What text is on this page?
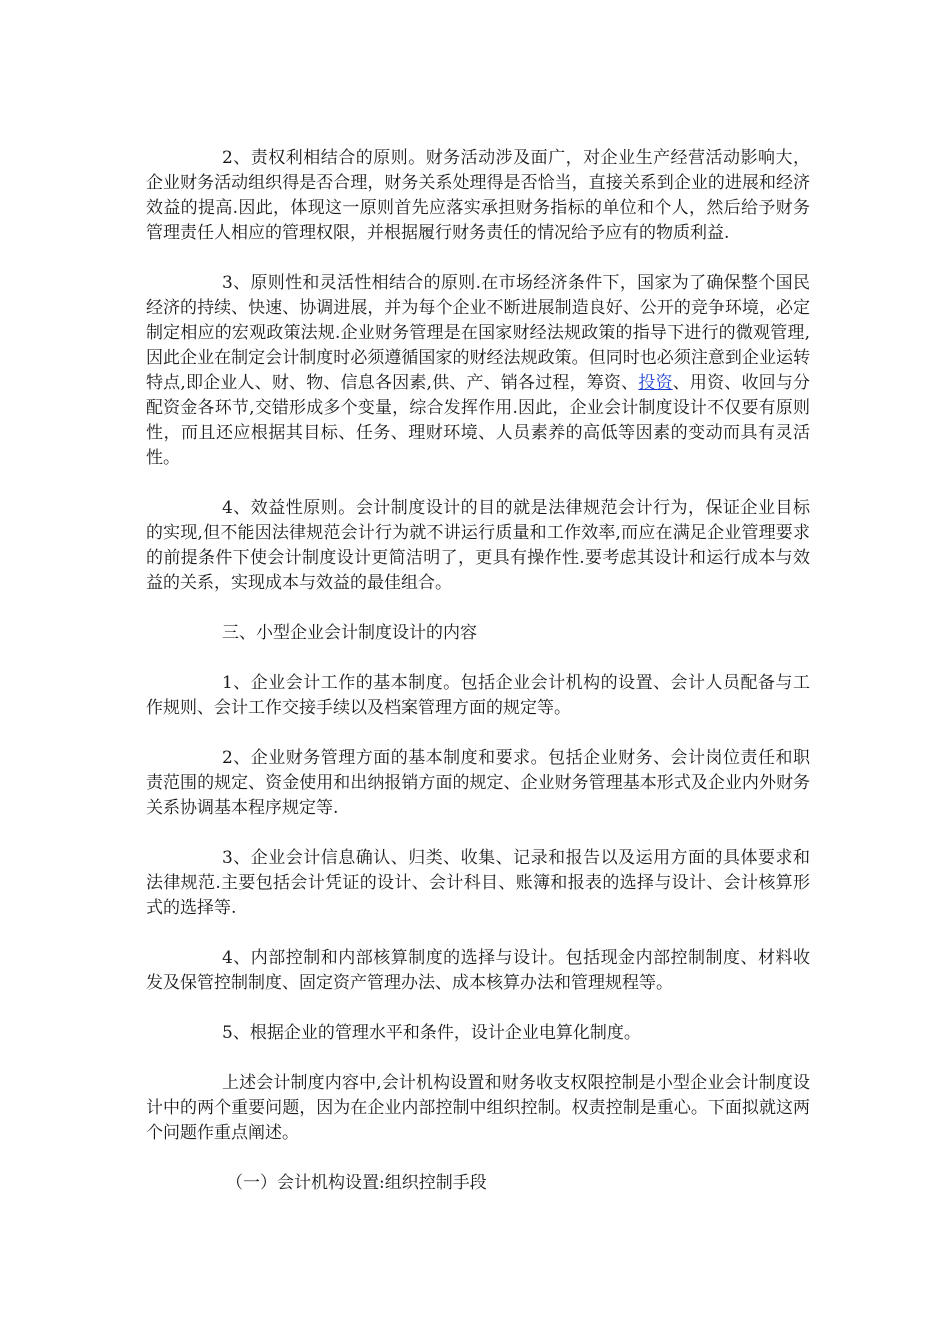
2、责权利相结合的原则。财务活动涉及面广，对企业生产经营活动影响大，企业财务活动组织得是否合理，财务关系处理得是否恰当，直接关系到企业的进展和经济效益的提高.因此，体现这一原则首先应落实承担财务指标的单位和个人，然后给予财务管理责任人相应的管理权限，并根据履行财务责任的情况给予应有的物质利益.

3、原则性和灵活性相结合的原则.在市场经济条件下，国家为了确保整个国民经济的持续、快速、协调进展，并为每个企业不断进展制造良好、公开的竞争环境，必定制定相应的宏观政策法规.企业财务管理是在国家财经法规政策的指导下进行的微观管理,因此企业在制定会计制度时必须遵循国家的财经法规政策。但同时也必须注意到企业运转特点,即企业人、财、物、信息各因素,供、产、销各过程，筹资、投资、用资、收回与分配资金各环节,交错形成多个变量，综合发挥作用.因此，企业会计制度设计不仅要有原则性，而且还应根据其目标、任务、理财环境、人员素养的高低等因素的变动而具有灵活性。

4、效益性原则。会计制度设计的目的就是法律规范会计行为，保证企业目标的实现,但不能因法律规范会计行为就不讲运行质量和工作效率,而应在满足企业管理要求的前提条件下使会计制度设计更简洁明了，更具有操作性.要考虑其设计和运行成本与效益的关系，实现成本与效益的最佳组合。

三、小型企业会计制度设计的内容

1、企业会计工作的基本制度。包括企业会计机构的设置、会计人员配备与工作规则、会计工作交接手续以及档案管理方面的规定等。

2、企业财务管理方面的基本制度和要求。包括企业财务、会计岗位责任和职责范围的规定、资金使用和出纳报销方面的规定、企业财务管理基本形式及企业内外财务关系协调基本程序规定等.

3、企业会计信息确认、归类、收集、记录和报告以及运用方面的具体要求和法律规范.主要包括会计凭证的设计、会计科目、账簿和报表的选择与设计、会计核算形式的选择等.

4、内部控制和内部核算制度的选择与设计。包括现金内部控制制度、材料收发及保管控制制度、固定资产管理办法、成本核算办法和管理规程等。

5、根据企业的管理水平和条件，设计企业电算化制度。

上述会计制度内容中,会计机构设置和财务收支权限控制是小型企业会计制度设计中的两个重要问题，因为在企业内部控制中组织控制。权责控制是重心。下面拟就这两个问题作重点阐述。

（一）会计机构设置:组织控制手段
